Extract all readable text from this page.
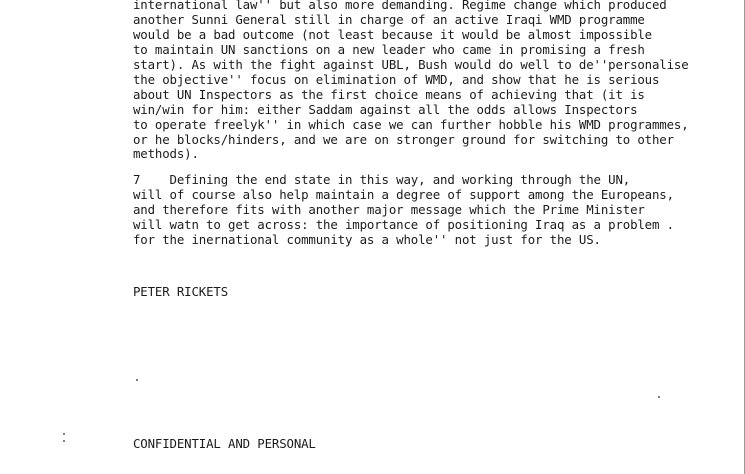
international law'' but also more demanding. Regime change which produced
another Sunni General still in charge of an active Iraqi WMD programme
would be a bad outcome (not least because it would be almost impossible
to maintain UN sanctions on a new leader who came in promising a fresh
start). As with the fight against UBL, Bush would do well to de''personalise
the objective'' focus on elimination of WMD, and show that he is serious
about UN Inspectors as the first choice means of achieving that (it is
win/win for him: either Saddam against all the odds allows Inspectors
to operate freelyk'' in which case we can further hobble his WMD programmes,
or he blocks/hinders, and we are on stronger ground for switching to other
methods).
7    Defining the end state in this way, and working through the UN,
will of course also help maintain a degree of support among the Europeans,
and therefore fits with another major message which the Prime Minister
will watn to get across: the importance of positioning Iraq as a problem .
for the inernational community as a whole'' not just for the US.
PETER RICKETS
CONFIDENTIAL AND PERSONAL
